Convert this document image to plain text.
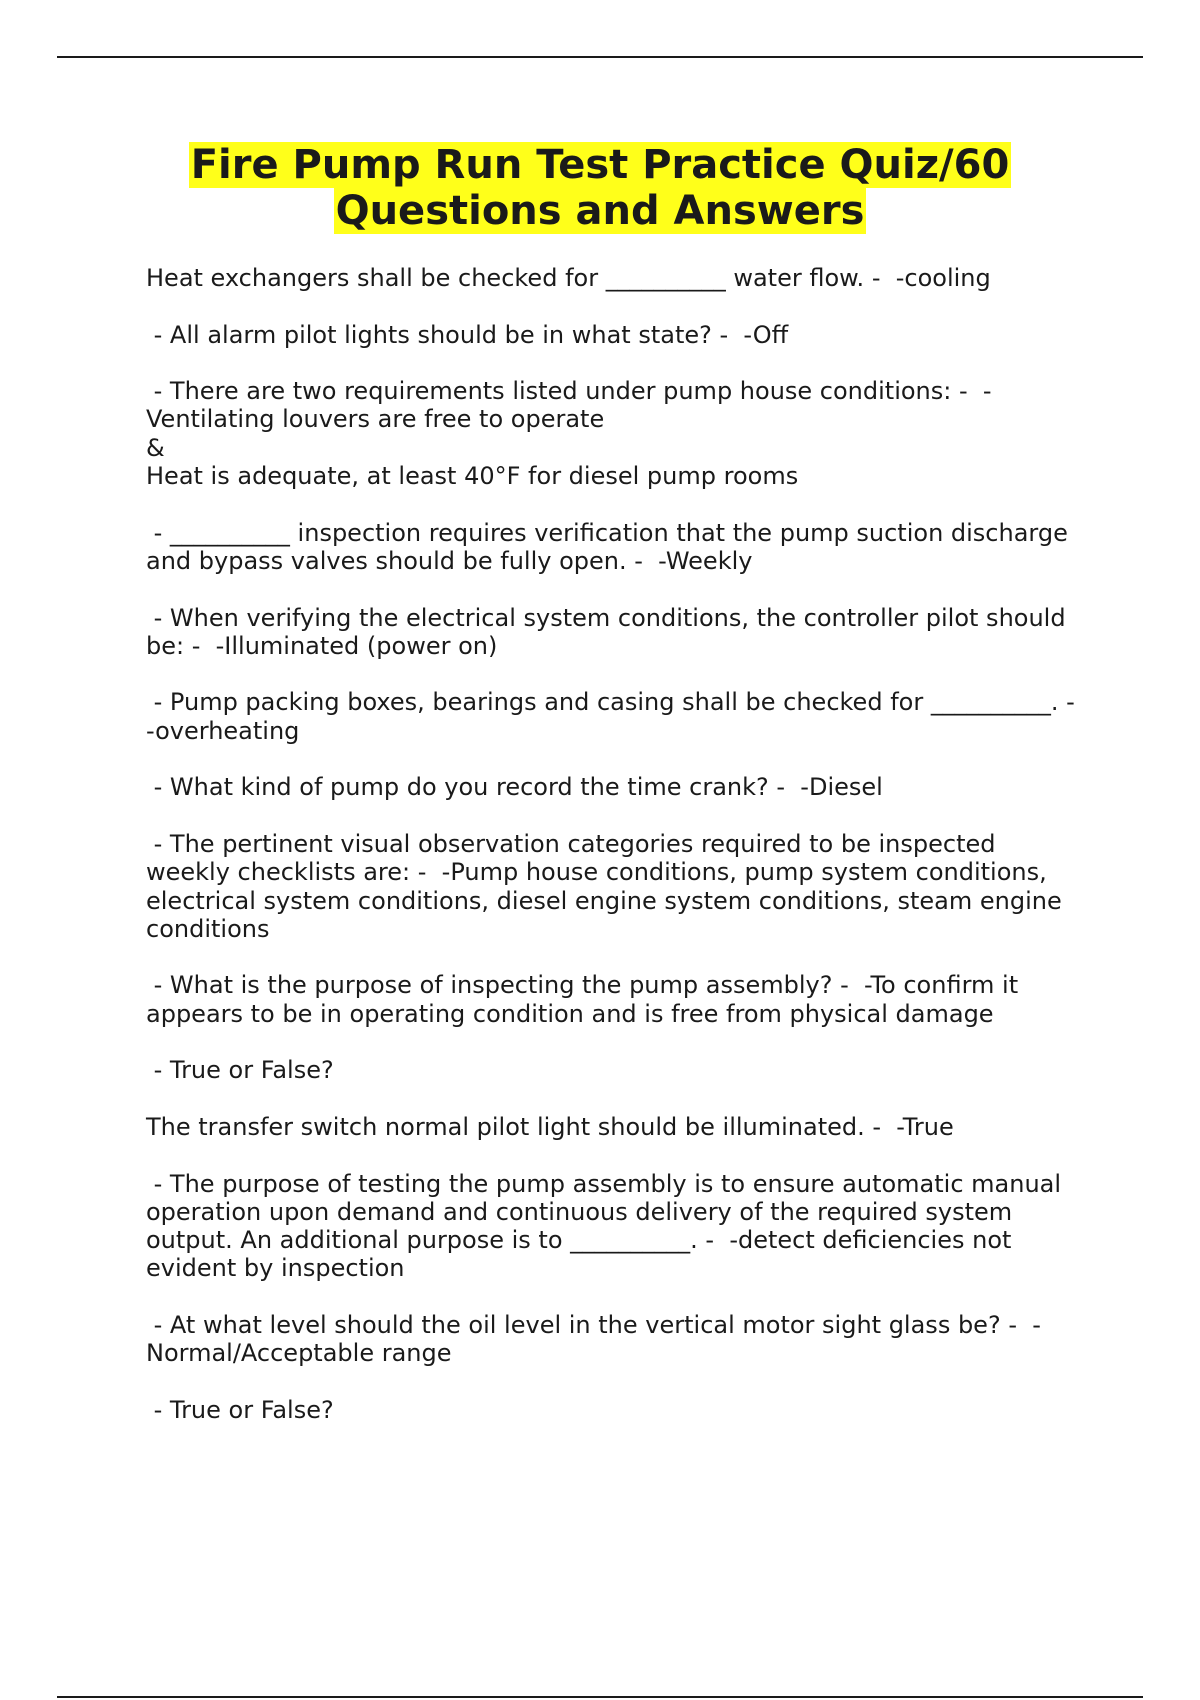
Fire Pump Run Test Practice Quiz/60
Questions and Answers

Heat exchangers shall be checked for __________ water flow. -  -cooling

- All alarm pilot lights should be in what state? -  -Off

- There are two requirements listed under pump house conditions: -  -
Ventilating louvers are free to operate
&
Heat is adequate, at least 40°F for diesel pump rooms

- __________ inspection requires verification that the pump suction discharge
and bypass valves should be fully open. -  -Weekly

- When verifying the electrical system conditions, the controller pilot should
be: -  -Illuminated (power on)

- Pump packing boxes, bearings and casing shall be checked for __________. -
-overheating

- What kind of pump do you record the time crank? -  -Diesel

- The pertinent visual observation categories required to be inspected
weekly checklists are: -  -Pump house conditions, pump system conditions,
electrical system conditions, diesel engine system conditions, steam engine
conditions

- What is the purpose of inspecting the pump assembly? -  -To confirm it
appears to be in operating condition and is free from physical damage

- True or False?

The transfer switch normal pilot light should be illuminated. -  -True

- The purpose of testing the pump assembly is to ensure automatic manual
operation upon demand and continuous delivery of the required system
output. An additional purpose is to __________. -  -detect deficiencies not
evident by inspection

- At what level should the oil level in the vertical motor sight glass be? -  -
Normal/Acceptable range

- True or False?
